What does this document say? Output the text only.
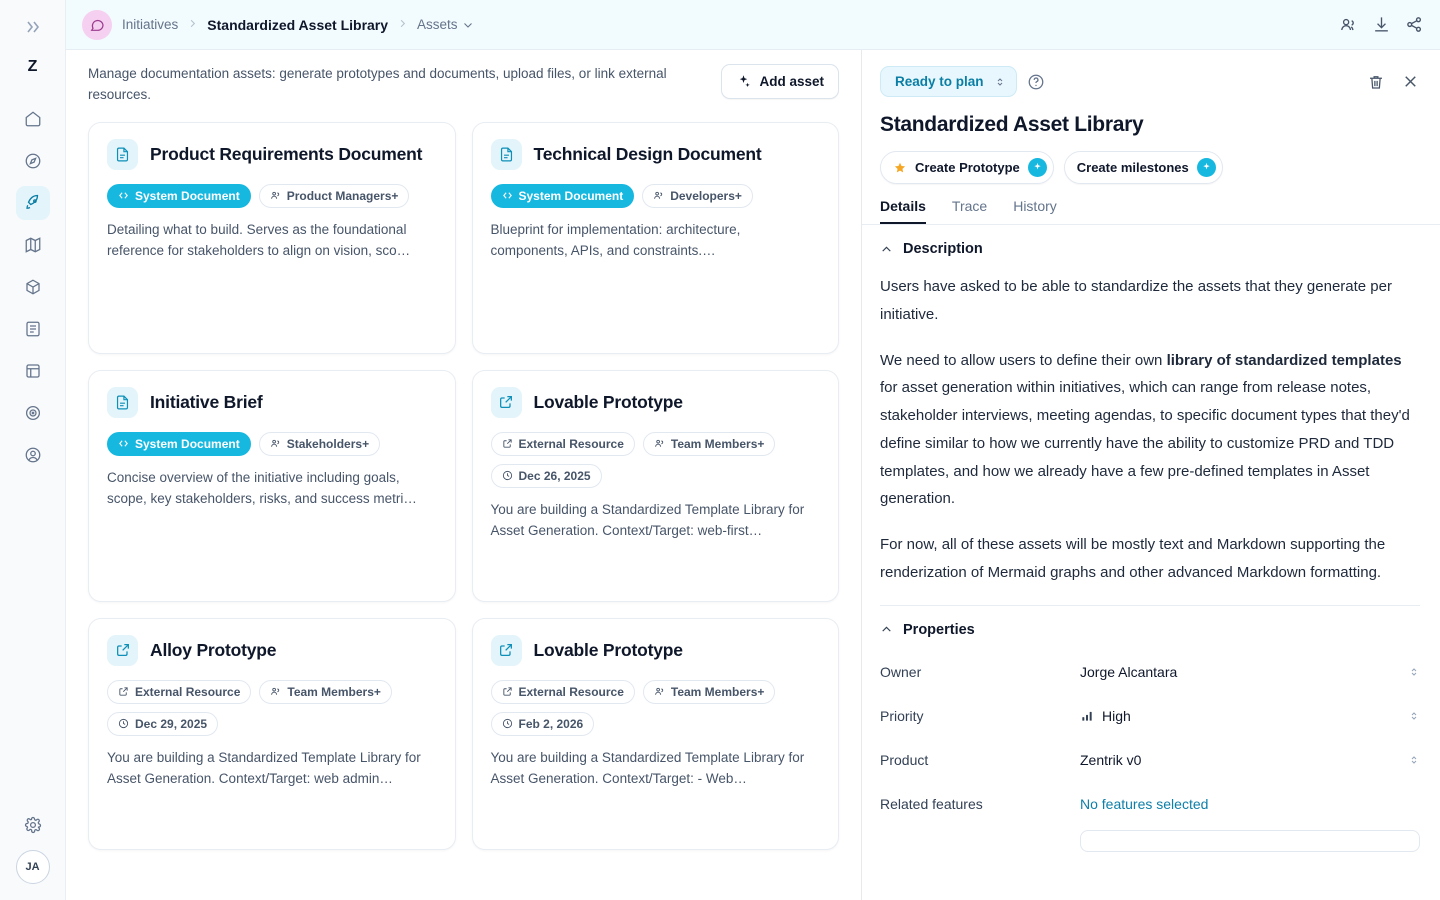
Z
JA
Initiatives Standardized Asset Library Assets
Manage documentation assets: generate prototypes and documents, upload files, or link external resources.
Add asset
Product Requirements Document
System Document	Product Managers+
Detailing what to build. Serves as the foundational reference for stakeholders to align on vision, sco…
Technical Design Document
System Document	Developers+
Blueprint for implementation: architecture, components, APIs, and constraints.…
Initiative Brief
System Document	Stakeholders+
Concise overview of the initiative including goals, scope, key stakeholders, risks, and success metri…
Lovable Prototype
External Resource	Team Members+
Dec 26, 2025
You are building a Standardized Template Library for Asset Generation. Context/Target: web-first…
Alloy Prototype
External Resource	Team Members+
Dec 29, 2025
You are building a Standardized Template Library for Asset Generation. Context/Target: web admin…
Lovable Prototype
External Resource	Team Members+
Feb 2, 2026
You are building a Standardized Template Library for Asset Generation. Context/Target: - Web…
Ready to plan
Standardized Asset Library
Create Prototype	Create milestones
Details Trace History
Description

Users have asked to be able to standardize the assets that they generate per initiative.

We need to allow users to define their own library of standardized templates for asset generation within initiatives, which can range from release notes, stakeholder interviews, meeting agendas, to specific document types that they'd define similar to how we currently have the ability to customize PRD and TDD templates, and how we already have a few pre-defined templates in Asset generation.

For now, all of these assets will be mostly text and Markdown supporting the renderization of Mermaid graphs and other advanced Markdown formatting.

Properties
Owner	Jorge Alcantara
Priority	High
Product	Zentrik v0
Related features	No features selected
